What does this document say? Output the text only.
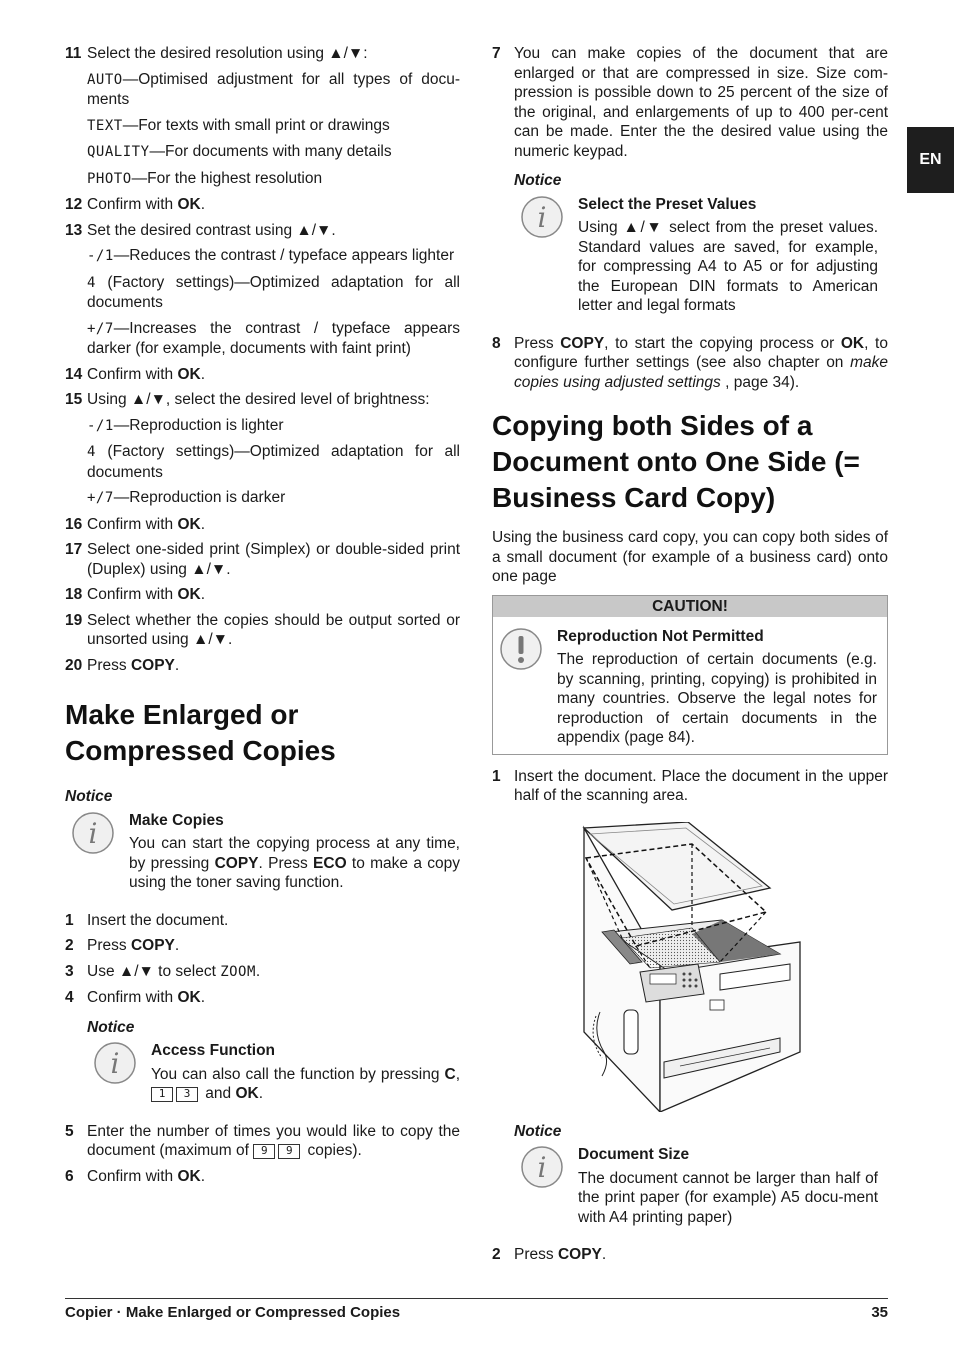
EN
11 Select the desired resolution using ▲/▼:
AUTO—Optimised adjustment for all types of docu-ments
TEXT—For texts with small print or drawings
QUALITY—For documents with many details
PHOTO—For the highest resolution
12 Confirm with OK.
13 Set the desired contrast using ▲/▼.
-/1—Reduces the contrast / typeface appears lighter
4 (Factory settings)—Optimized adaptation for all documents
+/7—Increases the contrast / typeface appears darker (for example, documents with faint print)
14 Confirm with OK.
15 Using ▲/▼, select the desired level of brightness:
-/1—Reproduction is lighter
4 (Factory settings)—Optimized adaptation for all documents
+/7—Reproduction is darker
16 Confirm with OK.
17 Select one-sided print (Simplex) or double-sided print (Duplex) using ▲/▼.
18 Confirm with OK.
19 Select whether the copies should be output sorted or unsorted using ▲/▼.
20 Press COPY.
Make Enlarged or Compressed Copies
Notice
i Make Copies
You can start the copying process at any time, by pressing COPY. Press ECO to make a copy using the toner saving function.
1 Insert the document.
2 Press COPY.
3 Use ▲/▼ to select ZOOM.
4 Confirm with OK.
Notice
i Access Function
You can also call the function by pressing C, 1 3 and OK.
5 Enter the number of times you would like to copy the document (maximum of 9 9 copies).
6 Confirm with OK.
7 You can make copies of the document that are enlarged or that are compressed in size. Size com-pression is possible down to 25 percent of the size of the original, and enlargements of up to 400 per-cent can be made. Enter the the desired value using the numeric keypad.
Notice
i Select the Preset Values
Using ▲/▼ select from the preset values. Standard values are saved, for example, for compressing A4 to A5 or for adjusting the European DIN formats to American letter and legal formats
8 Press COPY, to start the copying process or OK, to configure further settings (see also chapter on make copies using adjusted settings , page 34).
Copying both Sides of a Document onto One Side (= Business Card Copy)

Using the business card copy, you can copy both sides of a small document (for example of a business card) onto one page

CAUTION!
Reproduction Not Permitted
The reproduction of certain documents (e.g. by scanning, printing, copying) is prohibited in many countries. Observe the legal notes for reproduction of certain documents in the appendix (page 84).
1 Insert the document. Place the document in the upper half of the scanning area.
Notice
i Document Size
The document cannot be larger than half of the print paper (for example) A5 docu-ment with A4 printing paper)
2 Press COPY.
Copier · Make Enlarged or Compressed Copies	35
